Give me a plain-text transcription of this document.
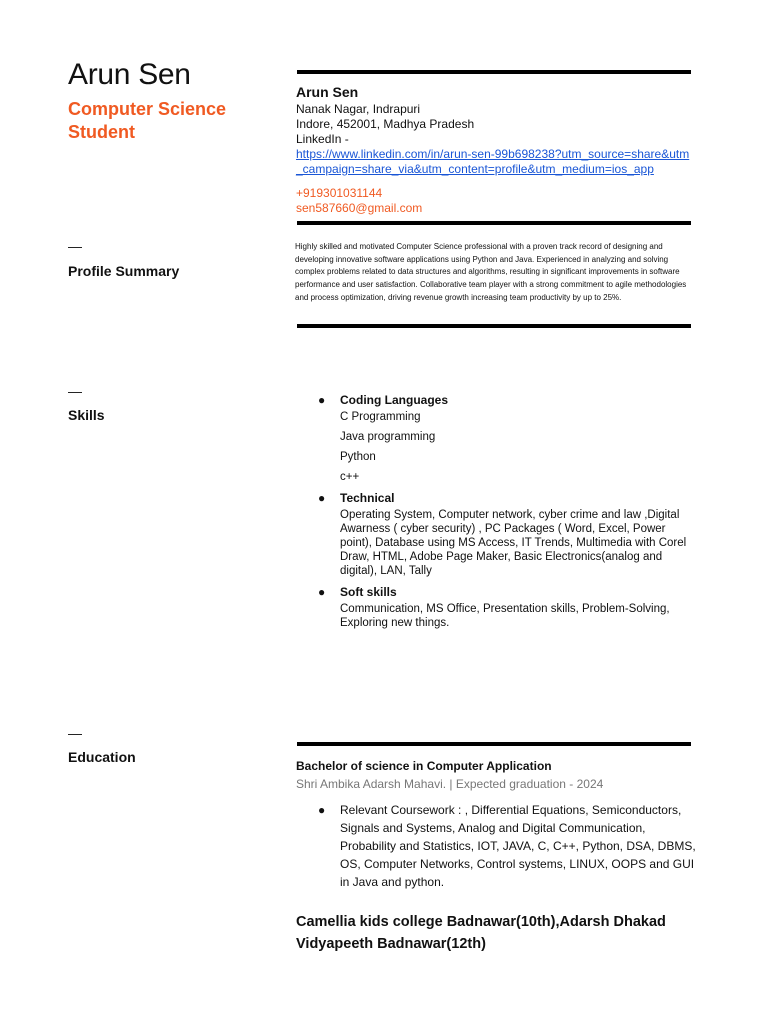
Arun Sen
Computer Science Student
Arun Sen
Nanak Nagar, Indrapuri
Indore, 452001, Madhya Pradesh
LinkedIn -
https://www.linkedin.com/in/arun-sen-99b698238?utm_source=share&utm_campaign=share_via&utm_content=profile&utm_medium=ios_app
+919301031144
sen587660@gmail.com
—
Profile Summary
Highly skilled and motivated Computer Science professional with a proven track record of designing and developing innovative software applications using Python and Java. Experienced in analyzing and solving complex problems related to data structures and algorithms, resulting in significant improvements in software performance and user satisfaction. Collaborative team player with a strong commitment to agile methodologies and process optimization, driving revenue growth increasing team productivity by up to 25%.
—
Skills
● Coding Languages
C Programming
Java programming
Python
c++
● Technical
Operating System, Computer network, cyber crime and law ,Digital Awarness ( cyber security) , PC Packages ( Word, Excel, Power point), Database using MS Access, IT Trends, Multimedia with Corel Draw, HTML, Adobe Page Maker, Basic Electronics(analog and digital), LAN, Tally
● Soft skills
Communication, MS Office, Presentation skills, Problem-Solving, Exploring new things.
—
Education
Bachelor of science in Computer Application
Shri Ambika Adarsh Mahavi. | Expected graduation - 2024
●	Relevant Coursework : , Differential Equations, Semiconductors, Signals and Systems, Analog and Digital Communication, Probability and Statistics, IOT, JAVA, C, C++, Python, DSA, DBMS, OS, Computer Networks, Control systems, LINUX, OOPS and GUI in Java and python.
Camellia kids college Badnawar(10th),Adarsh Dhakad Vidyapeeth Badnawar(12th)
